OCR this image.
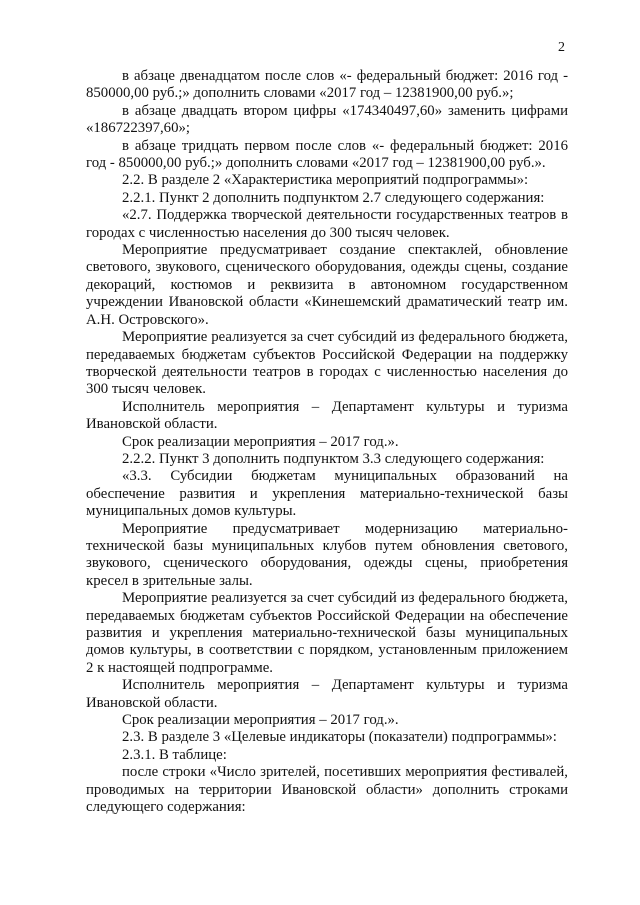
2

в абзаце двенадцатом после слов «- федеральный бюджет: 2016 год - 850000,00 руб.;» дополнить словами «2017 год – 12381900,00 руб.»;

в абзаце двадцать втором цифры «174340497,60» заменить цифрами «186722397,60»;

в абзаце тридцать первом после слов «- федеральный бюджет: 2016 год - 850000,00 руб.;» дополнить словами «2017 год – 12381900,00 руб.».

2.2. В разделе 2 «Характеристика мероприятий подпрограммы»:

2.2.1. Пункт 2 дополнить подпунктом 2.7 следующего содержания:

«2.7. Поддержка творческой деятельности государственных театров в городах с численностью населения до 300 тысяч человек.

Мероприятие предусматривает создание спектаклей, обновление светового, звукового, сценического оборудования, одежды сцены, создание декораций, костюмов и реквизита в автономном государственном учреждении Ивановской области «Кинешемский драматический театр им. А.Н. Островского».

Мероприятие реализуется за счет субсидий из федерального бюджета, передаваемых бюджетам субъектов Российской Федерации на поддержку творческой деятельности театров в городах с численностью населения до 300 тысяч человек.

Исполнитель мероприятия – Департамент культуры и туризма Ивановской области.

Срок реализации мероприятия – 2017 год.».

2.2.2. Пункт 3 дополнить подпунктом 3.3 следующего содержания:

«3.3. Субсидии бюджетам муниципальных образований на обеспечение развития и укрепления материально-технической базы муниципальных домов культуры.

Мероприятие предусматривает модернизацию материально-технической базы муниципальных клубов путем обновления светового, звукового, сценического оборудования, одежды сцены, приобретения кресел в зрительные залы.

Мероприятие реализуется за счет субсидий из федерального бюджета, передаваемых бюджетам субъектов Российской Федерации на обеспечение развития и укрепления материально-технической базы муниципальных домов культуры, в соответствии с порядком, установленным приложением 2 к настоящей подпрограмме.

Исполнитель мероприятия – Департамент культуры и туризма Ивановской области.

Срок реализации мероприятия – 2017 год.».

2.3. В разделе 3 «Целевые индикаторы (показатели) подпрограммы»:

2.3.1. В таблице:

после строки «Число зрителей, посетивших мероприятия фестивалей, проводимых на территории Ивановской области» дополнить строками следующего содержания:
